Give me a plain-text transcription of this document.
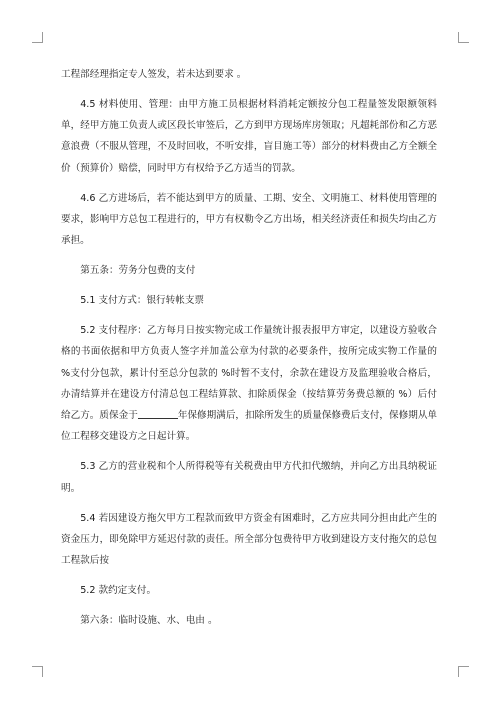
工程部经理指定专人签发，若未达到要求 。

4.5 材料使用、管理：由甲方施工员根据材料消耗定额按分包工程量签发限额领料单，经甲方施工负责人或区段长审签后，乙方到甲方现场库房领取；凡超耗部份和乙方恶意浪费（不服从管理，不及时回收，不听安排，盲目施工等）部分的材料费由乙方全额全价（预算价）赔偿，同时甲方有权给予乙方适当的罚款。

4.6 乙方进场后，若不能达到甲方的质量、工期、安全、文明施工、材料使用管理的要求，影响甲方总包工程进行的，甲方有权勒令乙方出场，相关经济责任和损失均由乙方承担。

第五条：劳务分包费的支付

5.1 支付方式：银行转帐支票

5.2 支付程序：乙方每月日按实物完成工作量统计报表报甲方审定，以建设方验收合格的书面依据和甲方负责人签字并加盖公章为付款的必要条件，按所完成实物工作量的 %支付分包款，累计付至总分包款的 %时暂不支付，余款在建设方及监理验收合格后，办清结算并在建设方付清总包工程结算款、扣除质保金（按结算劳务费总额的 %）后付给乙方。质保金于	年保修期满后，扣除所发生的质量保修费后支付，保修期从单位工程移交建设方之日起计算。

5.3 乙方的营业税和个人所得税等有关税费由甲方代扣代缴纳，并向乙方出具纳税证明。

5.4 若因建设方拖欠甲方工程款而致甲方资金有困难时，乙方应共同分担由此产生的资金压力，即免除甲方延迟付款的责任。所全部分包费待甲方收到建设方支付拖欠的总包工程款后按

5.2 款约定支付。

第六条：临时设施、水、电由 。
